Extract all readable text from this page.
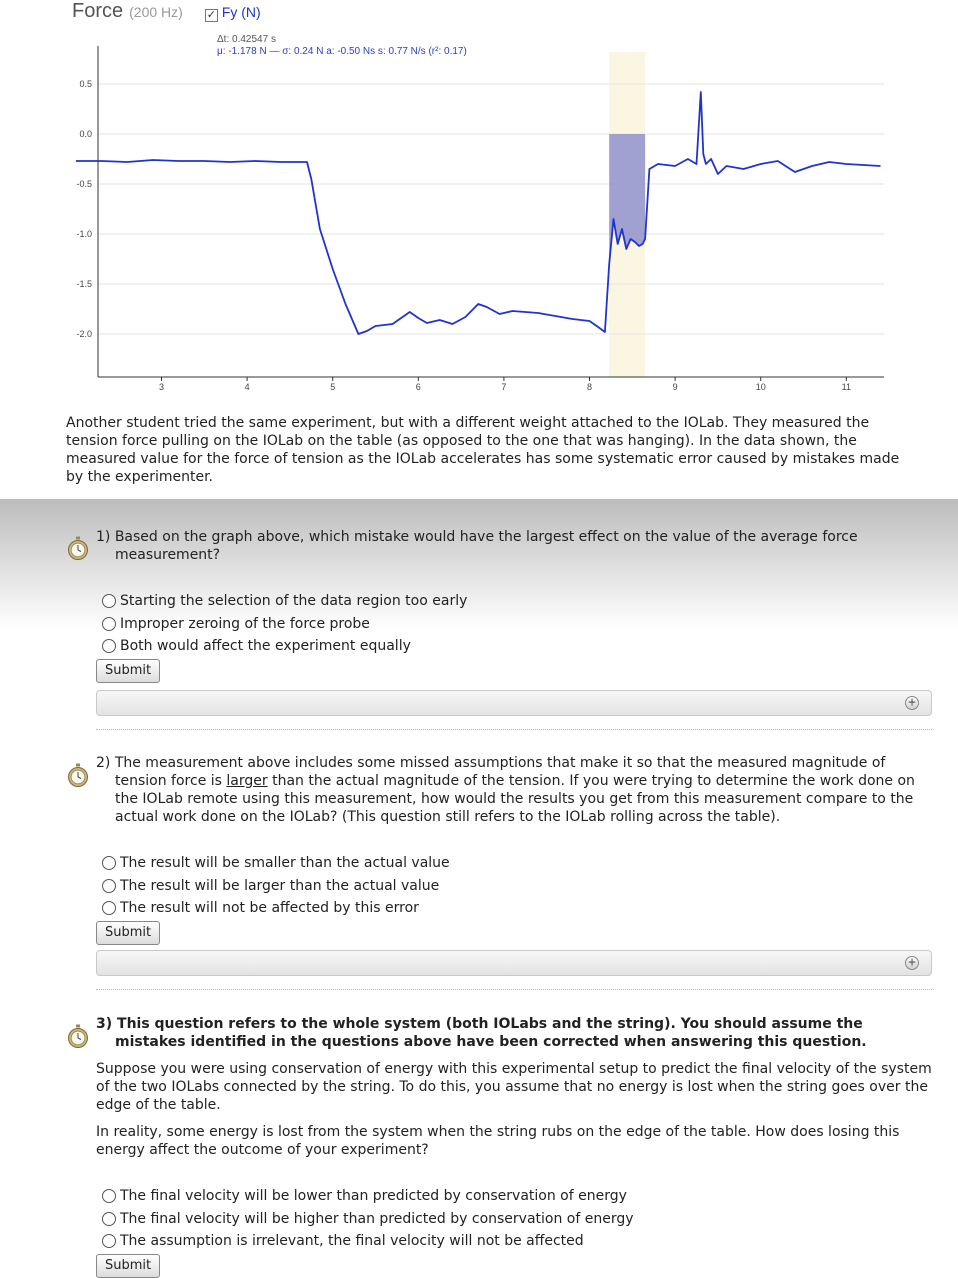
Force (200 Hz) ✓ Fy (N)
Δt: 0.42547 s
μ: -1.178 N — σ: 0.24 N a: -0.50 Ns s: 0.77 N/s (r²: 0.17)
0.5
0.0
-0.5
-1.0
-1.5
-2.0
3	4	5	6	7	8	9	10	11
Another student tried the same experiment, but with a different weight attached to the IOLab. They measured the tension force pulling on the IOLab on the table (as opposed to the one that was hanging). In the data shown, the measured value for the force of tension as the IOLab accelerates has some systematic error caused by mistakes made by the experimenter.
1) Based on the graph above, which mistake would have the largest effect on the value of the average force measurement?
Starting the selection of the data region too early
Improper zeroing of the force probe
Both would affect the experiment equally
Submit
+
2) The measurement above includes some missed assumptions that make it so that the measured magnitude of tension force is larger than the actual magnitude of the tension. If you were trying to determine the work done on the IOLab remote using this measurement, how would the results you get from this measurement compare to the actual work done on the IOLab? (This question still refers to the IOLab rolling across the table).
The result will be smaller than the actual value
The result will be larger than the actual value
The result will not be affected by this error
Submit
+
3) This question refers to the whole system (both IOLabs and the string). You should assume the mistakes identified in the questions above have been corrected when answering this question.
Suppose you were using conservation of energy with this experimental setup to predict the final velocity of the system of the two IOLabs connected by the string. To do this, you assume that no energy is lost when the string goes over the edge of the table.
In reality, some energy is lost from the system when the string rubs on the edge of the table. How does losing this energy affect the outcome of your experiment?
The final velocity will be lower than predicted by conservation of energy
The final velocity will be higher than predicted by conservation of energy
The assumption is irrelevant, the final velocity will not be affected
Submit
